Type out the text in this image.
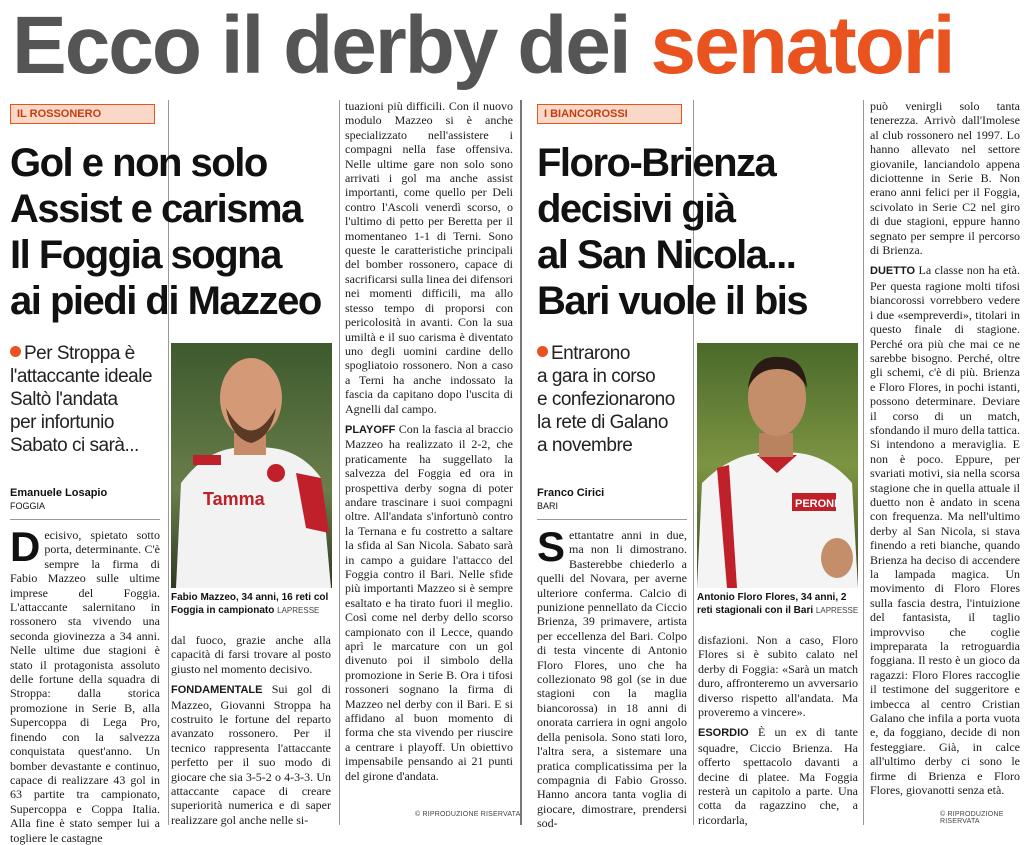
Ecco il derby dei senatori
IL ROSSONERO
Gol e non solo
Assist e carisma
Il Foggia sogna
ai piedi di Mazzeo
Per Stroppa è
l'attaccante ideale
Saltò l'andata
per infortunio
Sabato ci sarà...
Emanuele Losapio
FOGGIA	Tamma
Fabio Mazzeo, 34 anni, 16 reti col Foggia in campionato LAPRESSE

Decisivo, spietato sotto porta, determinante. C'è sempre la firma di Fabio Mazzeo sulle ultime imprese del Foggia. L'attaccante salernitano in rossonero sta vivendo una seconda giovinezza a 34 anni. Nelle ultime due stagioni è stato il protagonista assoluto delle fortune della squadra di Stroppa: dalla storica promozione in Serie B, alla Supercoppa di Lega Pro, finendo con la salvezza conquistata quest'anno. Un bomber devastante e continuo, capace di realizzare 43 gol in 63 partite tra campionato, Supercoppa e Coppa Italia. Alla fine è stato semper lui a togliere le castagne

dal fuoco, grazie anche alla capacità di farsi trovare al posto giusto nel momento decisivo.

FONDAMENTALE Sui gol di Mazzeo, Giovanni Stroppa ha costruito le fortune del reparto avanzato rossonero. Per il tecnico rappresenta l'attaccante perfetto per il suo modo di giocare che sia 3-5-2 o 4-3-3. Un attaccante capace di creare superiorità numerica e di saper realizzare gol anche nelle si-

tuazioni più difficili. Con il nuovo modulo Mazzeo si è anche specializzato nell'assistere i compagni nella fase offensiva. Nelle ultime gare non solo sono arrivati i gol ma anche assist importanti, come quello per Deli contro l'Ascoli venerdì scorso, o l'ultimo di petto per Beretta per il momentaneo 1-1 di Terni. Sono queste le caratteristiche principali del bomber rossonero, capace di sacrificarsi sulla linea dei difensori nei momenti difficili, ma allo stesso tempo di proporsi con pericolosità in avanti. Con la sua umiltà e il suo carisma è diventato uno degli uomini cardine dello spogliatoio rossonero. Non a caso a Terni ha anche indossato la fascia da capitano dopo l'uscita di Agnelli dal campo.

PLAYOFF Con la fascia al braccio Mazzeo ha realizzato il 2-2, che praticamente ha suggellato la salvezza del Foggia ed ora in prospettiva derby sogna di poter andare trascinare i suoi compagni oltre. All'andata s'infortunò contro la Ternana e fu costretto a saltare la sfida al San Nicola. Sabato sarà in campo a guidare l'attacco del Foggia contro il Bari. Nelle sfide più importanti Mazzeo si è sempre esaltato e ha tirato fuori il meglio. Così come nel derby dello scorso campionato con il Lecce, quando aprì le marcature con un gol divenuto poi il simbolo della promozione in Serie B. Ora i tifosi rossoneri sognano la firma di Mazzeo nel derby con il Bari. E si affidano al buon momento di forma che sta vivendo per riuscire a centrare i playoff. Un obiettivo impensabile pensando ai 21 punti del girone d'andata.

© RIPRODUZIONE RISERVATA
I BIANCOROSSI
Floro-Brienza
decisivi già
al San Nicola...
Bari vuole il bis
Entrarono
a gara in corso
e confezionarono
la rete di Galano
a novembre
Franco Cirici
BARI	PERONI
Antonio Floro Flores, 34 anni, 2 reti stagionali con il Bari LAPRESSE

Settantatre anni in due, ma non li dimostrano. Basterebbe chiederlo a quelli del Novara, per averne ulteriore conferma. Calcio di punizione pennellato da Ciccio Brienza, 39 primavere, artista per eccellenza del Bari. Colpo di testa vincente di Antonio Floro Flores, uno che ha collezionato 98 gol (se in due stagioni con la maglia biancorossa) in 18 anni di onorata carriera in ogni angolo della penisola. Sono stati loro, l'altra sera, a sistemare una pratica complicatissima per la compagnia di Fabio Grosso. Hanno ancora tanta voglia di giocare, dimostrare, prendersi sod-

disfazioni. Non a caso, Floro Flores si è subito calato nel derby di Foggia: «Sarà un match duro, affronteremo un avversario diverso rispetto all'andata. Ma proveremo a vincere».

ESORDIO È un ex di tante squadre, Ciccio Brienza. Ha offerto spettacolo davanti a decine di platee. Ma Foggia resterà un capitolo a parte. Una cotta da ragazzino che, a ricordarla,

può venirgli solo tanta tenerezza. Arrivò dall'Imolese al club rossonero nel 1997. Lo hanno allevato nel settore giovanile, lanciandolo appena diciottenne in Serie B. Non erano anni felici per il Foggia, scivolato in Serie C2 nel giro di due stagioni, eppure hanno segnato per sempre il percorso di Brienza.

DUETTO La classe non ha età. Per questa ragione molti tifosi biancorossi vorrebbero vedere i due «sempreverdi», titolari in questo finale di stagione. Perché ora più che mai ce ne sarebbe bisogno. Perché, oltre gli schemi, c'è di più. Brienza e Floro Flores, in pochi istanti, possono determinare. Deviare il corso di un match, sfondando il muro della tattica. Si intendono a meraviglia. E non è poco. Eppure, per svariati motivi, sia nella scorsa stagione che in quella attuale il duetto non è andato in scena con frequenza. Ma nell'ultimo derby al San Nicola, si stava finendo a reti bianche, quando Brienza ha deciso di accendere la lampada magica. Un movimento di Floro Flores sulla fascia destra, l'intuizione del fantasista, il taglio improvviso che coglie impreparata la retroguardia foggiana. Il resto è un gioco da ragazzi: Floro Flores raccoglie il testimone del suggeritore e imbecca al centro Cristian Galano che infila a porta vuota e, da foggiano, decide di non festeggiare. Già, in calce all'ultimo derby ci sono le firme di Brienza e Floro Flores, giovanotti senza età.

© RIPRODUZIONE RISERVATA
